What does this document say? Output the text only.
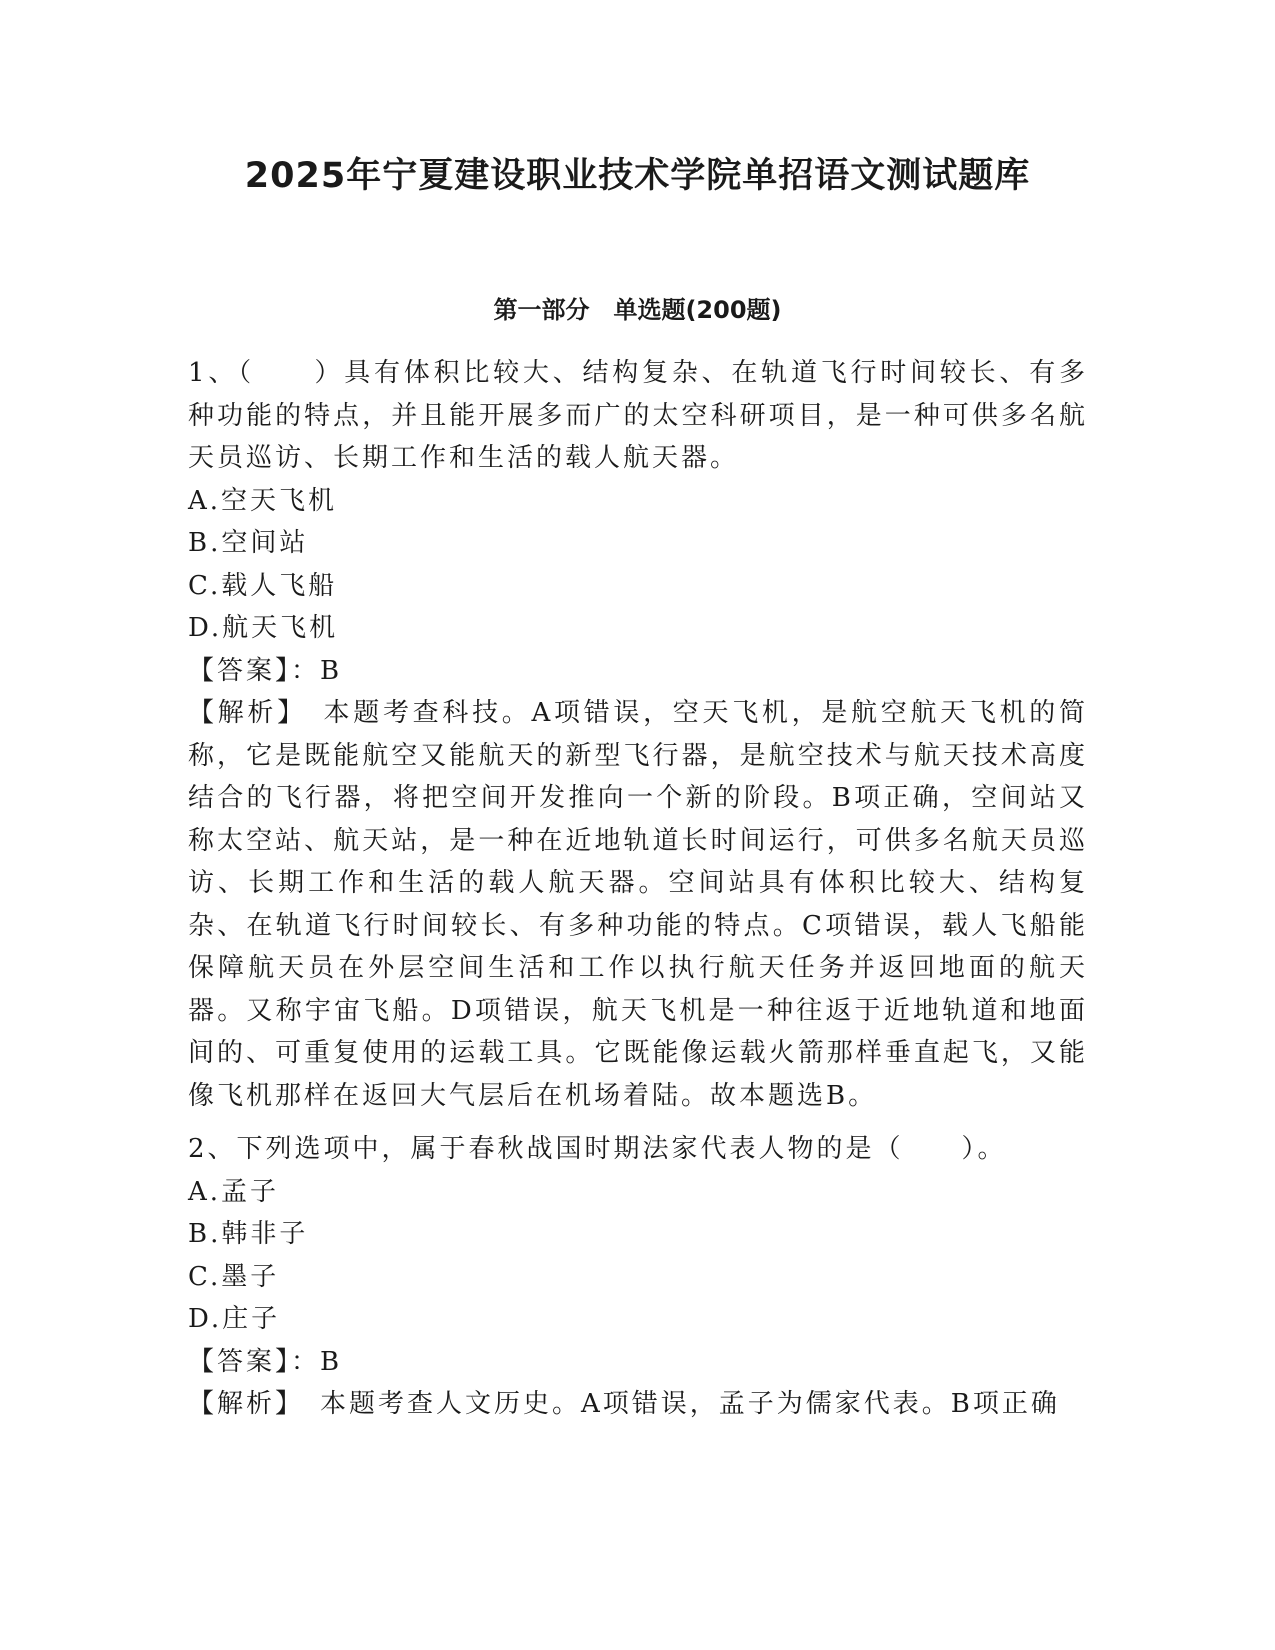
2025年宁夏建设职业技术学院单招语文测试题库
第一部分　单选题(200题)

1、（　　）具有体积比较大、结构复杂、在轨道飞行时间较长、有多种功能的特点，并且能开展多而广的太空科研项目，是一种可供多名航天员巡访、长期工作和生活的载人航天器。

A.空天飞机

B.空间站

C.载人飞船

D.航天飞机

【答案】：B

【解析】　本题考查科技。A项错误，空天飞机，是航空航天飞机的简称，它是既能航空又能航天的新型飞行器，是航空技术与航天技术高度结合的飞行器，将把空间开发推向一个新的阶段。B项正确，空间站又称太空站、航天站，是一种在近地轨道长时间运行，可供多名航天员巡访、长期工作和生活的载人航天器。空间站具有体积比较大、结构复杂、在轨道飞行时间较长、有多种功能的特点。C项错误，载人飞船能保障航天员在外层空间生活和工作以执行航天任务并返回地面的航天器。又称宇宙飞船。D项错误，航天飞机是一种往返于近地轨道和地面间的、可重复使用的运载工具。它既能像运载火箭那样垂直起飞，又能像飞机那样在返回大气层后在机场着陆。故本题选B。

2、下列选项中，属于春秋战国时期法家代表人物的是（　　）。

A.孟子

B.韩非子

C.墨子

D.庄子

【答案】：B

【解析】　本题考查人文历史。A项错误，孟子为儒家代表。B项正确
